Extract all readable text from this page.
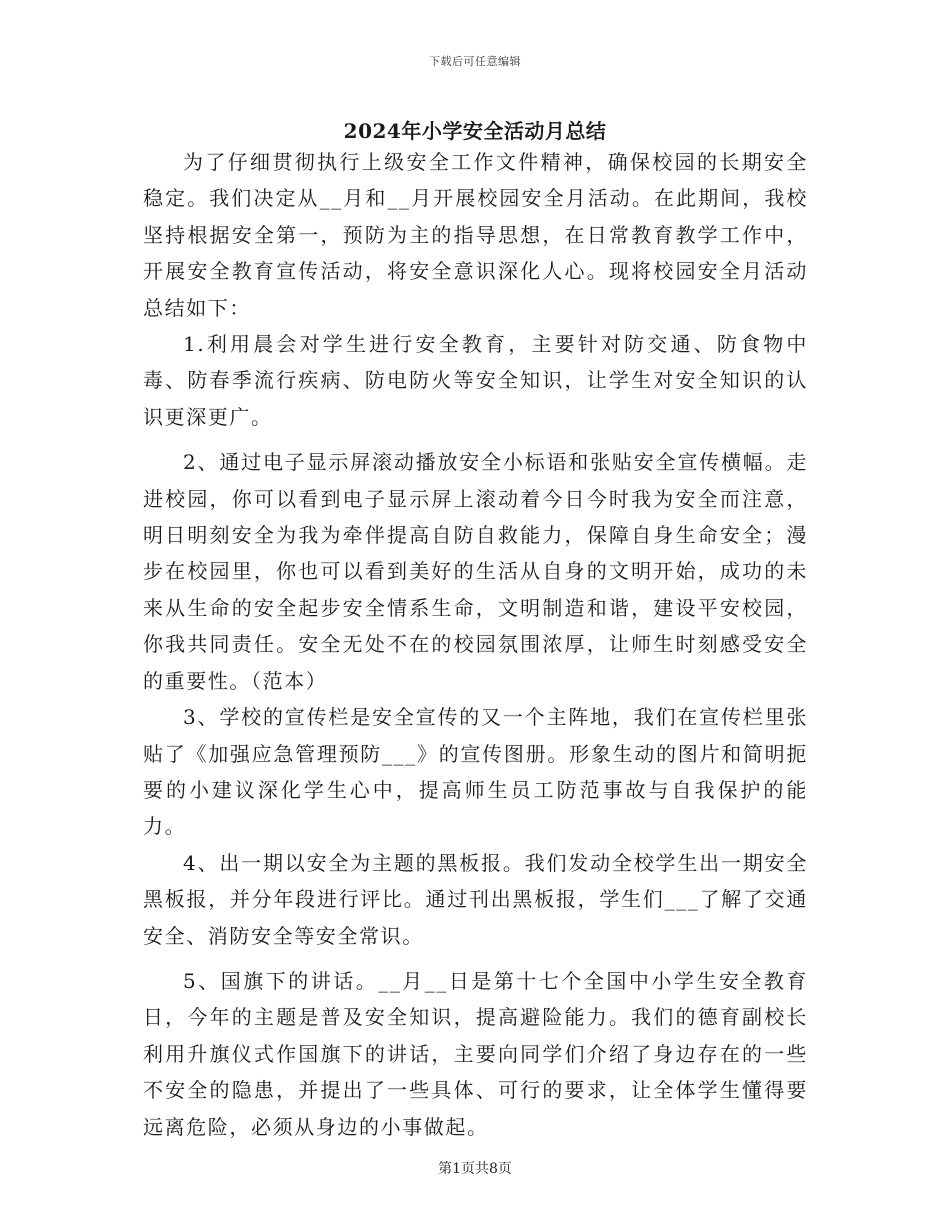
下载后可任意编辑
2024年小学安全活动月总结

为了仔细贯彻执行上级安全工作文件精神，确保校园的长期安全稳定。我们决定从__月和__月开展校园安全月活动。在此期间，我校坚持根据安全第一，预防为主的指导思想，在日常教育教学工作中，开展安全教育宣传活动，将安全意识深化人心。现将校园安全月活动总结如下：

1.利用晨会对学生进行安全教育，主要针对防交通、防食物中毒、防春季流行疾病、防电防火等安全知识，让学生对安全知识的认识更深更广。

2、通过电子显示屏滚动播放安全小标语和张贴安全宣传横幅。走进校园，你可以看到电子显示屏上滚动着今日今时我为安全而注意，明日明刻安全为我为牵伴提高自防自救能力，保障自身生命安全；漫步在校园里，你也可以看到美好的生活从自身的文明开始，成功的未来从生命的安全起步安全情系生命，文明制造和谐，建设平安校园，你我共同责任。安全无处不在的校园氛围浓厚，让师生时刻感受安全的重要性。（范本）

3、学校的宣传栏是安全宣传的又一个主阵地，我们在宣传栏里张贴了《加强应急管理预防___》的宣传图册。形象生动的图片和简明扼要的小建议深化学生心中，提高师生员工防范事故与自我保护的能力。

4、出一期以安全为主题的黑板报。我们发动全校学生出一期安全黑板报，并分年段进行评比。通过刊出黑板报，学生们___了解了交通安全、消防安全等安全常识。

5、国旗下的讲话。__月__日是第十七个全国中小学生安全教育日，今年的主题是普及安全知识，提高避险能力。我们的德育副校长利用升旗仪式作国旗下的讲话，主要向同学们介绍了身边存在的一些不安全的隐患，并提出了一些具体、可行的要求，让全体学生懂得要远离危险，必须从身边的小事做起。

第1页共8页
